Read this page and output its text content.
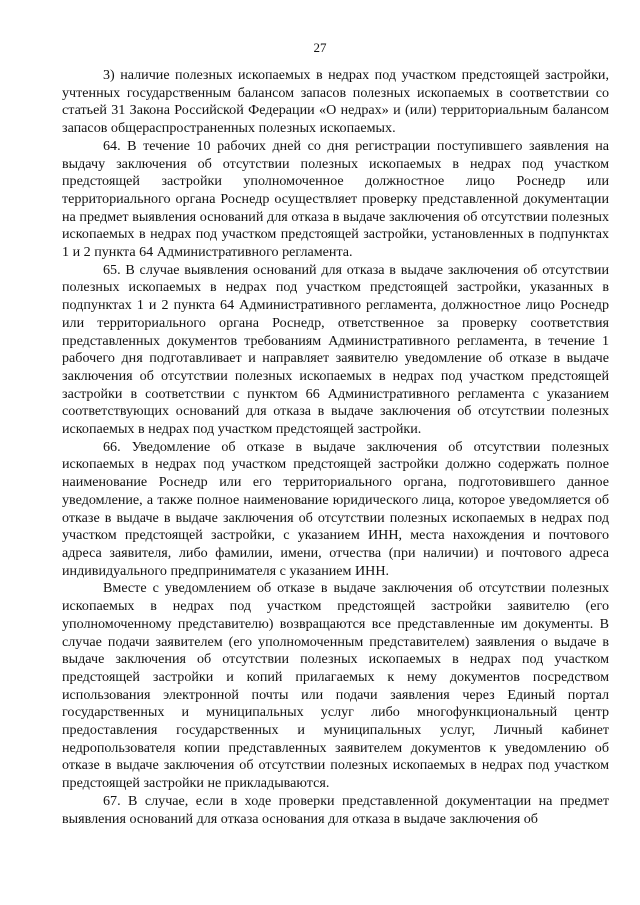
27

3) наличие полезных ископаемых в недрах под участком предстоящей застройки, учтенных государственным балансом запасов полезных ископаемых в соответствии со статьей 31 Закона Российской Федерации «О недрах» и (или) территориальным балансом запасов общераспространенных полезных ископаемых.

64. В течение 10 рабочих дней со дня регистрации поступившего заявления на выдачу заключения об отсутствии полезных ископаемых в недрах под участком предстоящей застройки уполномоченное должностное лицо Роснедр или территориального органа Роснедр осуществляет проверку представленной документации на предмет выявления оснований для отказа в выдаче заключения об отсутствии полезных ископаемых в недрах под участком предстоящей застройки, установленных в подпунктах 1 и 2 пункта 64 Административного регламента.

65. В случае выявления оснований для отказа в выдаче заключения об отсутствии полезных ископаемых в недрах под участком предстоящей застройки, указанных в подпунктах 1 и 2 пункта 64 Административного регламента, должностное лицо Роснедр или территориального органа Роснедр, ответственное за проверку соответствия представленных документов требованиям Административного регламента, в течение 1 рабочего дня подготавливает и направляет заявителю уведомление об отказе в выдаче заключения об отсутствии полезных ископаемых в недрах под участком предстоящей застройки в соответствии с пунктом 66 Административного регламента с указанием соответствующих оснований для отказа в выдаче заключения об отсутствии полезных ископаемых в недрах под участком предстоящей застройки.

66. Уведомление об отказе в выдаче заключения об отсутствии полезных ископаемых в недрах под участком предстоящей застройки должно содержать полное наименование Роснедр или его территориального органа, подготовившего данное уведомление, а также полное наименование юридического лица, которое уведомляется об отказе в выдаче в выдаче заключения об отсутствии полезных ископаемых в недрах под участком предстоящей застройки, с указанием ИНН, места нахождения и почтового адреса заявителя, либо фамилии, имени, отчества (при наличии) и почтового адреса индивидуального предпринимателя с указанием ИНН.

Вместе с уведомлением об отказе в выдаче заключения об отсутствии полезных ископаемых в недрах под участком предстоящей застройки заявителю (его уполномоченному представителю) возвращаются все представленные им документы. В случае подачи заявителем (его уполномоченным представителем) заявления о выдаче в выдаче заключения об отсутствии полезных ископаемых в недрах под участком предстоящей застройки и копий прилагаемых к нему документов посредством использования электронной почты или подачи заявления через Единый портал государственных и муниципальных услуг либо многофункциональный центр предоставления государственных и муниципальных услуг, Личный кабинет недропользователя копии представленных заявителем документов к уведомлению об отказе в выдаче заключения об отсутствии полезных ископаемых в недрах под участком предстоящей застройки не прикладываются.

67. В случае, если в ходе проверки представленной документации на предмет выявления оснований для отказа основания для отказа в выдаче заключения об
